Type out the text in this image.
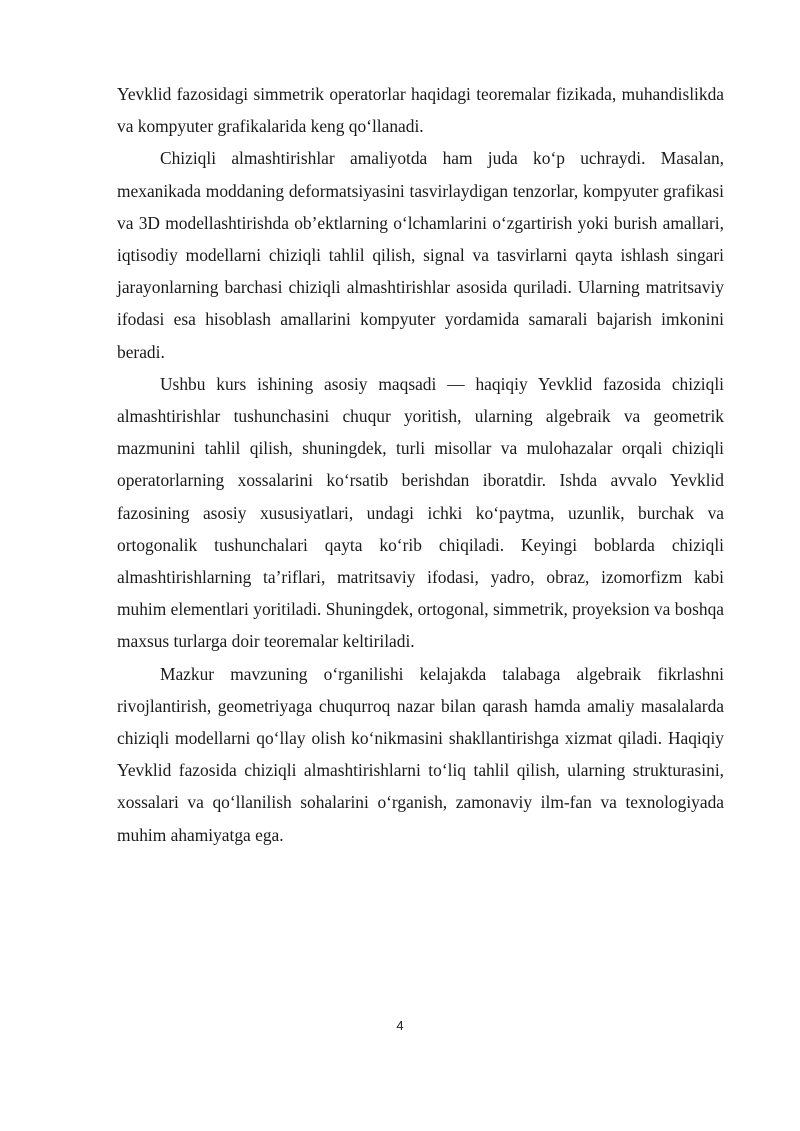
Yevklid fazosidagi simmetrik operatorlar haqidagi teoremalar fizikada, muhandislikda va kompyuter grafikalarida keng qo‘llanadi.

Chiziqli almashtirishlar amaliyotda ham juda ko‘p uchraydi. Masalan, mexanikada moddaning deformatsiyasini tasvirlaydigan tenzorlar, kompyuter grafikasi va 3D modellashtirishda ob’ektlarning o‘lchamlarini o‘zgartirish yoki burish amallari, iqtisodiy modellarni chiziqli tahlil qilish, signal va tasvirlarni qayta ishlash singari jarayonlarning barchasi chiziqli almashtirishlar asosida quriladi. Ularning matritsaviy ifodasi esa hisoblash amallarini kompyuter yordamida samarali bajarish imkonini beradi.

Ushbu kurs ishining asosiy maqsadi — haqiqiy Yevklid fazosida chiziqli almashtirishlar tushunchasini chuqur yoritish, ularning algebraik va geometrik mazmunini tahlil qilish, shuningdek, turli misollar va mulohazalar orqali chiziqli operatorlarning xossalarini ko‘rsatib berishdan iboratdir. Ishda avvalo Yevklid fazosining asosiy xususiyatlari, undagi ichki ko‘paytma, uzunlik, burchak va ortogonalik tushunchalari qayta ko‘rib chiqiladi. Keyingi boblarda chiziqli almashtirishlarning ta’riflari, matritsaviy ifodasi, yadro, obraz, izomorfizm kabi muhim elementlari yoritiladi. Shuningdek, ortogonal, simmetrik, proyeksion va boshqa maxsus turlarga doir teoremalar keltiriladi.

Mazkur mavzuning o‘rganilishi kelajakda talabaga algebraik fikrlashni rivojlantirish, geometriyaga chuqurroq nazar bilan qarash hamda amaliy masalalarda chiziqli modellarni qo‘llay olish ko‘nikmasini shakllantirishga xizmat qiladi. Haqiqiy Yevklid fazosida chiziqli almashtirishlarni to‘liq tahlil qilish, ularning strukturasini, xossalari va qo‘llanilish sohalarini o‘rganish, zamonaviy ilm-fan va texnologiyada muhim ahamiyatga ega.

4
